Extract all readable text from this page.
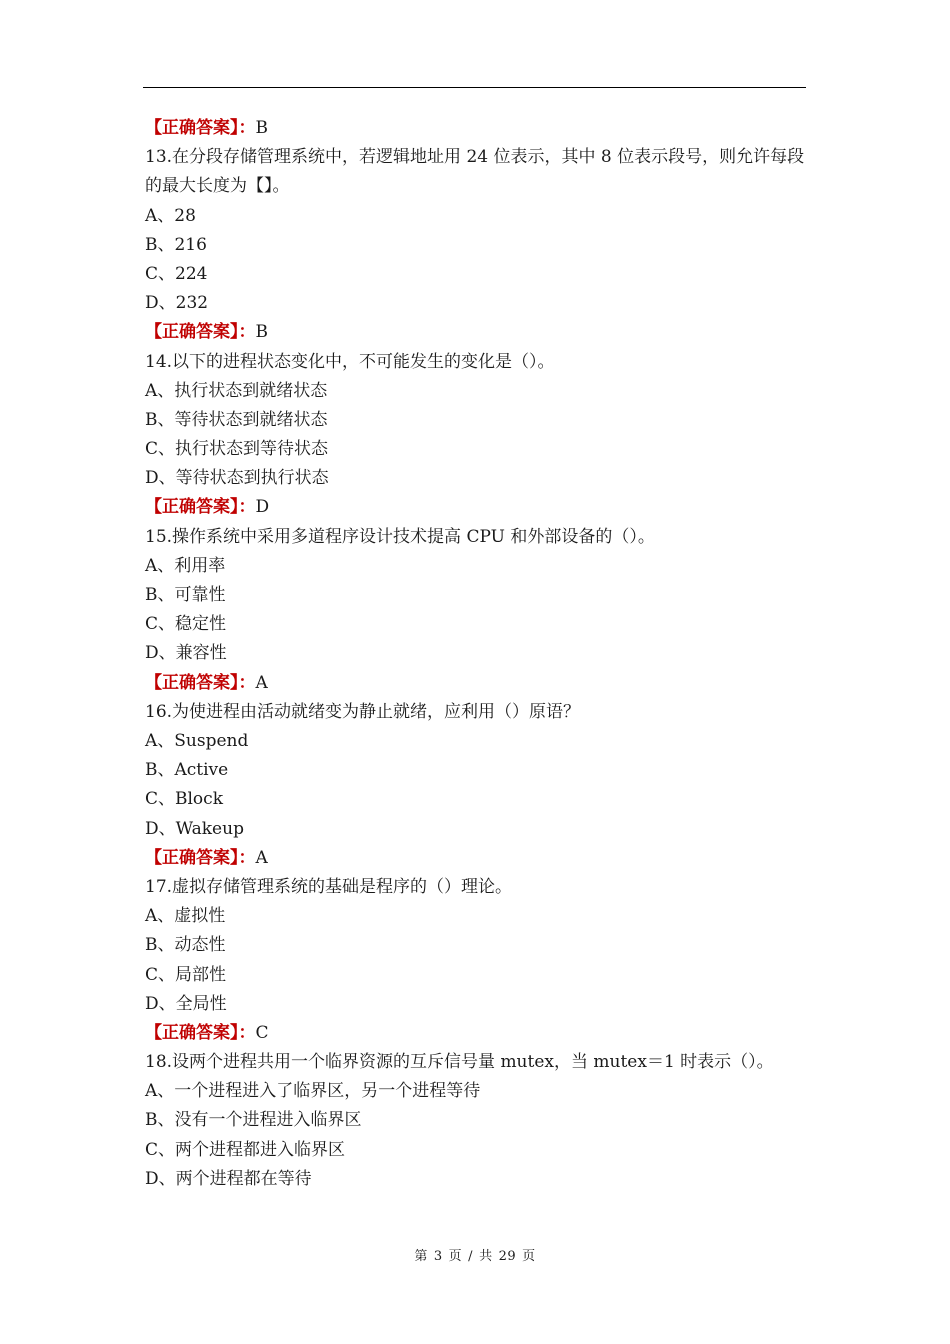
【正确答案】：B
13.在分段存储管理系统中，若逻辑地址用 24 位表示，其中 8 位表示段号，则允许每段的最大长度为【】。
A、28
B、216
C、224
D、232
【正确答案】：B
14.以下的进程状态变化中，不可能发生的变化是（）。
A、执行状态到就绪状态
B、等待状态到就绪状态
C、执行状态到等待状态
D、等待状态到执行状态
【正确答案】：D
15.操作系统中采用多道程序设计技术提高 CPU 和外部设备的（）。
A、利用率
B、可靠性
C、稳定性
D、兼容性
【正确答案】：A
16.为使进程由活动就绪变为静止就绪，应利用（）原语？
A、Suspend
B、Active
C、Block
D、Wakeup
【正确答案】：A
17.虚拟存储管理系统的基础是程序的（）理论。
A、虚拟性
B、动态性
C、局部性
D、全局性
【正确答案】：C
18.设两个进程共用一个临界资源的互斥信号量 mutex，当 mutex＝1 时表示（）。
A、一个进程进入了临界区，另一个进程等待
B、没有一个进程进入临界区
C、两个进程都进入临界区
D、两个进程都在等待
第 3 页 / 共 29 页
